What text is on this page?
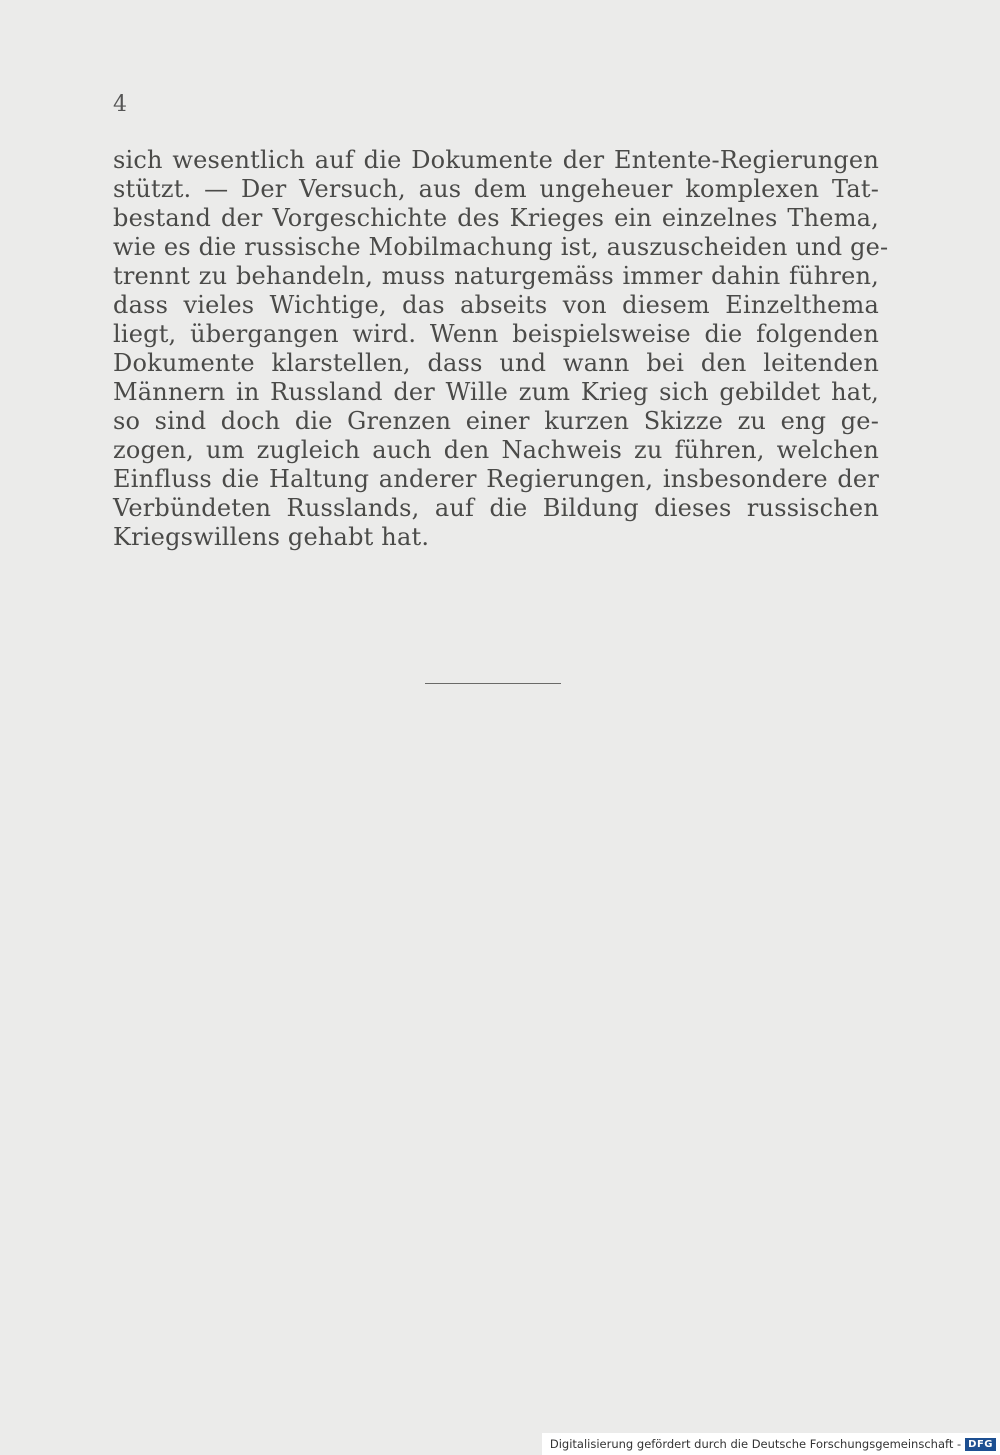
4
sich wesentlich auf die Dokumente der Entente-Regierungen
stützt. — Der Versuch, aus dem ungeheuer komplexen Tat-
bestand der Vorgeschichte des Krieges ein einzelnes Thema,
wie es die russische Mobilmachung ist, auszuscheiden und ge-
trennt zu behandeln, muss naturgemäss immer dahin führen,
dass vieles Wichtige, das abseits von diesem Einzelthema
liegt, übergangen wird. Wenn beispielsweise die folgenden
Dokumente klarstellen, dass und wann bei den leitenden
Männern in Russland der Wille zum Krieg sich gebildet hat,
so sind doch die Grenzen einer kurzen Skizze zu eng ge-
zogen, um zugleich auch den Nachweis zu führen, welchen
Einfluss die Haltung anderer Regierungen, insbesondere der
Verbündeten Russlands, auf die Bildung dieses russischen
Kriegswillens gehabt hat.
Digitalisierung gefördert durch die Deutsche Forschungsgemeinschaft - DFG
